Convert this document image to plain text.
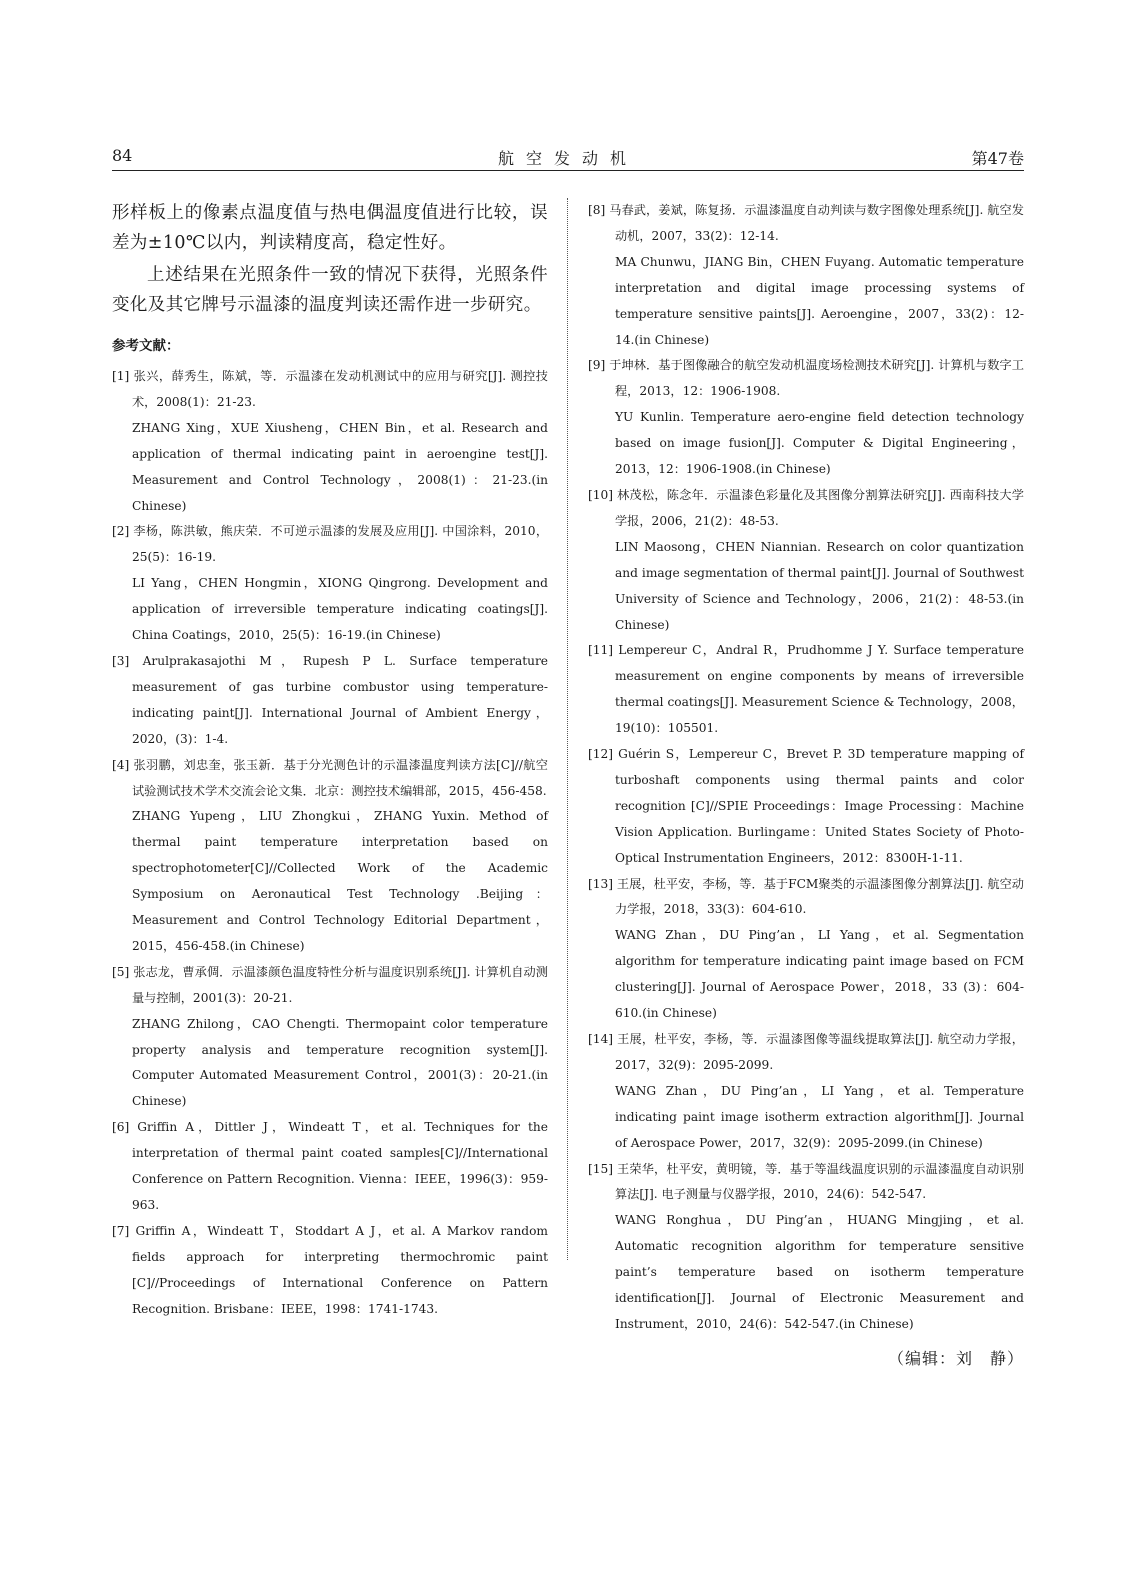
84	航空发动机	第47卷

形样板上的像素点温度值与热电偶温度值进行比较，误差为±10℃以内，判读精度高，稳定性好。

上述结果在光照条件一致的情况下获得，光照条件变化及其它牌号示温漆的温度判读还需作进一步研究。

参考文献：

[1] 张兴，薛秀生，陈斌，等．示温漆在发动机测试中的应用与研究[J]. 测控技术，2008(1)：21-23.

ZHANG Xing，XUE Xiusheng，CHEN Bin，et al. Research and application of thermal indicating paint in aeroengine test[J]. Measurement and Control Technology，2008(1)：21-23.(in Chinese)

[2] 李杨，陈洪敏，熊庆荣．不可逆示温漆的发展及应用[J]. 中国涂料，2010，25(5)：16-19.

LI Yang，CHEN Hongmin，XIONG Qingrong. Development and application of irreversible temperature indicating coatings[J]. China Coatings，2010，25(5)：16-19.(in Chinese)

[3] Arulprakasajothi M，Rupesh P L. Surface temperature measurement of gas turbine combustor using temperature-indicating paint[J]. International Journal of Ambient Energy，2020，(3)：1-4.

[4] 张羽鹏，刘忠奎，张玉新．基于分光测色计的示温漆温度判读方法[C]//航空试验测试技术学术交流会论文集．北京：测控技术编辑部，2015，456-458.

ZHANG Yupeng，LIU Zhongkui，ZHANG Yuxin. Method of thermal paint temperature interpretation based on spectrophotometer[C]//Collected Work of the Academic Symposium on Aeronautical Test Technology .Beijing：Measurement and Control Technology Editorial Department，2015，456-458.(in Chinese)

[5] 张志龙，曹承倜．示温漆颜色温度特性分析与温度识别系统[J]. 计算机自动测量与控制，2001(3)：20-21.

ZHANG Zhilong，CAO Chengti. Thermopaint color temperature property analysis and temperature recognition system[J]. Computer Automated Measurement Control，2001(3)：20-21.(in Chinese)

[6] Griffin A，Dittler J，Windeatt T，et al. Techniques for the interpretation of thermal paint coated samples[C]//International Conference on Pattern Recognition. Vienna：IEEE，1996(3)：959-963.

[7] Griffin A，Windeatt T，Stoddart A J，et al. A Markov random fields approach for interpreting thermochromic paint [C]//Proceedings of International Conference on Pattern Recognition. Brisbane：IEEE，1998：1741-1743.

[8] 马春武，姜斌，陈复扬．示温漆温度自动判读与数字图像处理系统[J]. 航空发动机，2007，33(2)：12-14.

MA Chunwu，JIANG Bin，CHEN Fuyang. Automatic temperature interpretation and digital image processing systems of temperature sensitive paints[J]. Aeroengine，2007，33(2)：12-14.(in Chinese)

[9] 于坤林．基于图像融合的航空发动机温度场检测技术研究[J]. 计算机与数字工程，2013，12：1906-1908.

YU Kunlin. Temperature aero-engine field detection technology based on image fusion[J]. Computer & Digital Engineering，2013，12：1906-1908.(in Chinese)

[10] 林茂松，陈念年．示温漆色彩量化及其图像分割算法研究[J]. 西南科技大学学报，2006，21(2)：48-53.

LIN Maosong，CHEN Niannian. Research on color quantization and image segmentation of thermal paint[J]. Journal of Southwest University of Science and Technology，2006，21(2)：48-53.(in Chinese)

[11] Lempereur C，Andral R，Prudhomme J Y. Surface temperature measurement on engine components by means of irreversible thermal coatings[J]. Measurement Science & Technology，2008，19(10)：105501.

[12] Guérin S，Lempereur C，Brevet P. 3D temperature mapping of turboshaft components using thermal paints and color recognition [C]//SPIE Proceedings：Image Processing：Machine Vision Application. Burlingame：United States Society of Photo-Optical Instrumentation Engineers，2012：8300H-1-11.

[13] 王展，杜平安，李杨，等．基于FCM聚类的示温漆图像分割算法[J]. 航空动力学报，2018，33(3)：604-610.

WANG Zhan，DU Ping’an，LI Yang，et al. Segmentation algorithm for temperature indicating paint image based on FCM clustering[J]. Journal of Aerospace Power，2018，33 (3)：604-610.(in Chinese)

[14] 王展，杜平安，李杨，等．示温漆图像等温线提取算法[J]. 航空动力学报，2017，32(9)：2095-2099.

WANG Zhan，DU Ping’an，LI Yang，et al. Temperature indicating paint image isotherm extraction algorithm[J]. Journal of Aerospace Power，2017，32(9)：2095-2099.(in Chinese)

[15] 王荣华，杜平安，黄明镜，等．基于等温线温度识别的示温漆温度自动识别算法[J]. 电子测量与仪器学报，2010，24(6)：542-547.

WANG Ronghua，DU Ping’an，HUANG Mingjing，et al. Automatic recognition algorithm for temperature sensitive paint’s temperature based on isotherm temperature identification[J]. Journal of Electronic Measurement and Instrument，2010，24(6)：542-547.(in Chinese)

（编辑：刘　静）
